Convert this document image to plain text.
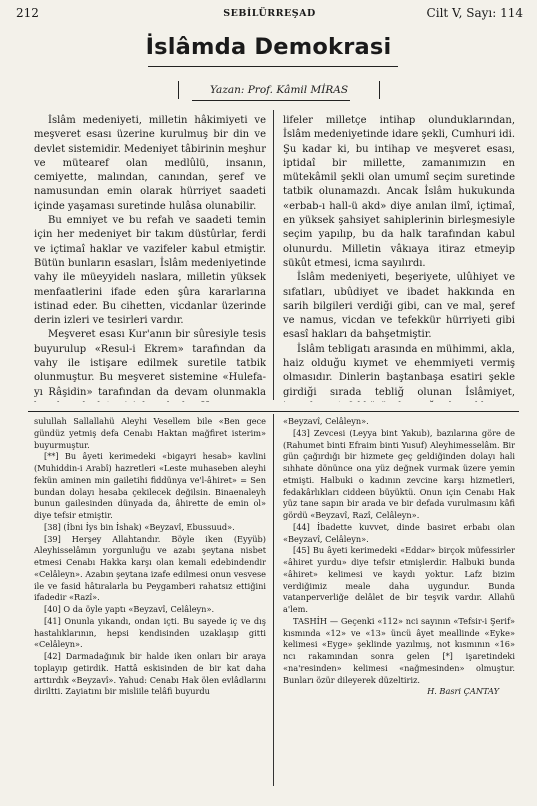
212	SEBİLÜRREŞAD	Cilt V, Sayı: 114
İslâmda Demokrasi
Yazan: Prof. Kâmil MİRAS

İslâm medeniyeti, milletin hâkimiyeti ve meşveret esası üzerine kurulmuş bir din ve devlet sistemidir. Medeniyet tâbirinin meşhur ve mütearef olan medlûlü, insanın, cemiyette, malından, canından, şeref ve namusundan emin olarak hürriyet saadeti içinde yaşaması suretinde hulâsa olunabilir.

Bu emniyet ve bu refah ve saadeti temin için her medeniyet bir takım düstûrlar, ferdi ve içtimaî haklar ve vazifeler kabul etmiştir. Bütün bunların esasları, İslâm medeniyetinde vahy ile müeyyidelı naslara, milletin yüksek menfaatlerini ifade eden şûra kararlarına istinad eder. Bu cihetten, vicdanlar üzerinde derin izleri ve tesirleri vardır.

Meşveret esası Kur'anın bir sûresiyle tesis buyurulup «Resul-i Ekrem» tarafından da vahy ile istişare edilmek suretile tatbik olunmuştur. Bu meşveret sistemine «Hulefa-yı Râşidin» tarafından da devam olunmakla

lifeler milletçe intihap olunduklarından, İslâm medeniyetinde idare şekli, Cumhuri idi. Şu kadar ki, bu intihap ve meşveret esası, iptidaî bir millette, zamanımızın en mütekâmil şekli olan umumî seçim suretinde tatbik olunamazdı. Ancak İslâm hukukunda «erbab-ı hall-ü akd» diye anılan ilmî, içtimaî, en yüksek şahsiyet sahiplerinin birleşmesiyle seçim yapılıp, bu da halk tarafından kabul olunurdu. Milletin vâkıaya itiraz etmeyip sükût etmesi, icma sayılırdı.

İslâm medeniyeti, beşeriyete, ulûhiyet ve sıfatları, ubûdiyet ve ibadet hakkında en sarih bilgileri verdiği gibi, can ve mal, şeref ve namus, vicdan ve tefekkür hürriyeti gibi esasî hakları da bahşetmiştir.

İslâm tebligatı arasında en mühimmi, akla, haiz olduğu kıymet ve ehemmiyeti vermiş olmasıdır. Dinlerin baştanbaşa esatiri şekle girdiği sırada tebliğ olunan İslâmiyet,

sulullah Sallallahü Aleyhi Vesellem bile «Ben gece gündüz yetmiş defa Cenabı Haktan mağfiret isterim» buyurmuştur.

[**] Bu âyeti kerimedeki «bigayri hesab» kavlini (Muhiddin-i Arabî) hazretleri «Leste muhaseben aleyhi fekün aminen min gailetihi fiddünya ve'l-âhiret» = Sen bundan dolayı hesaba çekilecek değilsin. Binaenaleyh bunun gailesinden dünyada da, âhirette de emin ol» diye tefsir etmiştir.

[38] (İbni İys bin İshak) «Beyzavî, Ebussuud».

[39] Herşey Allahtandır. Böyle iken (Eyyüb) Aleyhisselâmın yorgunluğu ve azabı şeytana nisbet etmesi Cenabı Hakka karşı olan kemali edebindendir «Celâleyn». Azabın şeytana izafe edilmesi onun vesvese ile ve fasid hâtıralarla bu Peygamberi rahatsız ettiğini ifadedir «Razî».

[40] O da öyle yaptı «Beyzavî, Celâleyn».

[41] Onunla yıkandı, ondan içti. Bu sayede iç ve dış hastalıklarının, hepsi kendisinden uzaklaşıp gitti «Celâleyn».

[42] Darmadağınık bir halde iken onları bir araya toplayıp getirdik. Hattâ eskisinden de bir kat daha arttırdık «Beyzavî». Yahud: Cenabı Hak ölen evlâdlarını diriltti. Zayiatını bir misliile telâfi buyurdu

«Beyzavî, Celâleyn».

[43] Zevcesi (Leyya bint Yakub), bazılarına göre de (Rahumet binti Efraim binti Yusuf) Aleyhimesselâm. Bir gün çağırdığı bir hizmete geç geldiğinden dolayı hali sıhhate dönünce ona yüz değnek vurmak üzere yemin etmişti. Halbuki o kadının zevcine karşı hizmetleri, fedakârlıkları ciddeen büyüktü. Onun için Cenabı Hak yüz tane sapın bir arada ve bir defada vurulmasını kâfi gördü «Beyzavî, Razî, Celâleyn».

[44] İbadette kuvvet, dinde basiret erbabı olan «Beyzavî, Celâleyn».

[45] Bu âyeti kerimedeki «Eddar» birçok müfessirler «âhiret yurdu» diye tefsir etmişlerdir. Halbuki bunda «âhiret» kelimesi ve kaydı yoktur. Lafz bizim verdiğimiz meale daha uygundur. Bunda vatanperverliğe delâlet de bir teşvik vardır. Allahü a'lem.

TASHİH — Geçenki «112» nci sayının «Tefsir-i Şerif» kısmında «12» ve «13» üncü âyet meallinde «Eyke» kelimesi «Eyge» şeklinde yazılmış, not kısmının «16» ncı rakamından sonra gelen [*] işaretindeki «na'resinden» kelimesi «nağmesinden» olmuştur. Bunları özür dileyerek düzeltiriz.

H. Basri ÇANTAY
